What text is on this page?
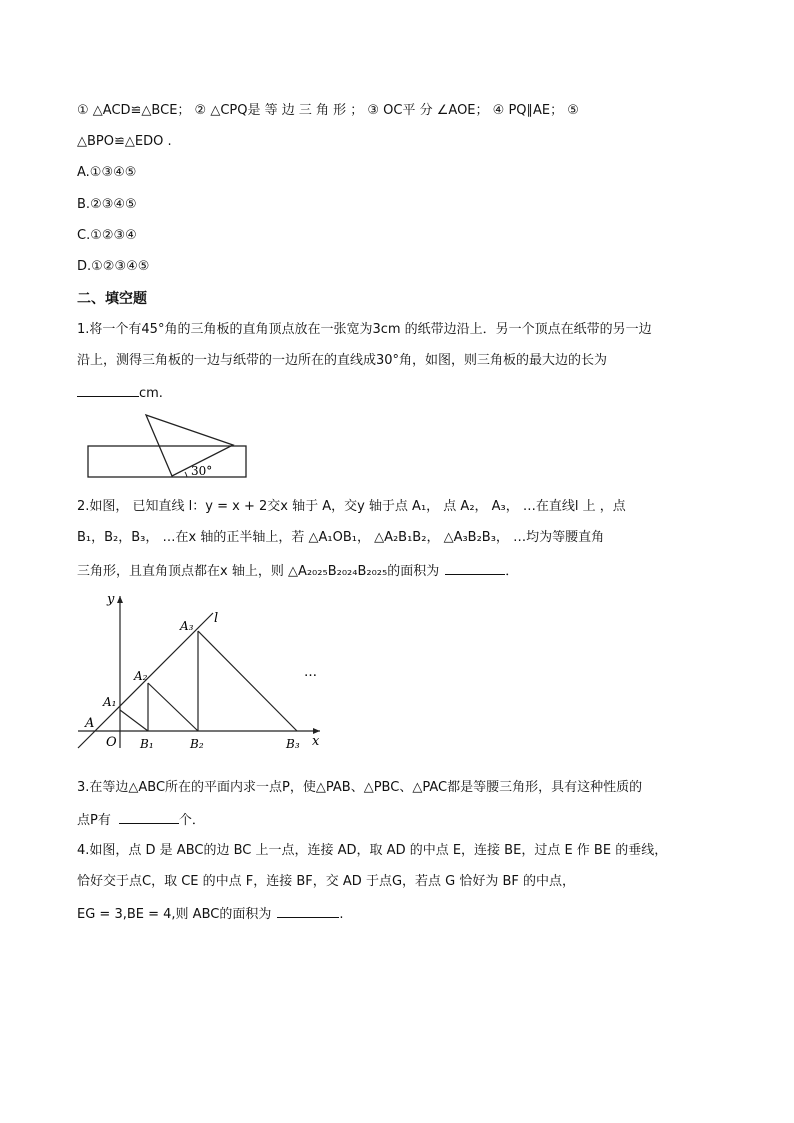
① △ACD≌△BCE； ② △CPQ是 等 边 三 角 形 ； ③ OC平 分 ∠AOE； ④ PQ∥AE； ⑤
△BPO≌△EDO .
A.①③④⑤
B.②③④⑤
C.①②③④
D.①②③④⑤
二、填空题
1.将一个有45°角的三角板的直角顶点放在一张宽为3cm 的纸带边沿上．另一个顶点在纸带的另一边
沿上，测得三角板的一边与纸带的一边所在的直线成30°角，如图，则三角板的最大边的长为
cm.
30°
2.如图， 已知直线 l：y = x + 2交x 轴于 A，交y 轴于点 A₁， 点 A₂， A₃， …在直线l 上 ，点
B₁，B₂，B₃， …在x 轴的正半轴上，若 △A₁OB₁， △A₂B₁B₂， △A₃B₂B₃， …均为等腰直角
三角形，且直角顶点都在x 轴上，则 △A₂₀₂₅B₂₀₂₄B₂₀₂₅的面积为	．
y
x
O
A
l
A₁
A₂
A₃
B₁	B₂	B₃
…
3.在等边△ABC所在的平面内求一点P，使△PAB、△PBC、△PAC都是等腰三角形，具有这种性质的
点P有	个．
4.如图，点 D 是 ABC的边 BC 上一点，连接 AD，取 AD 的中点 E，连接 BE，过点 E 作 BE 的垂线，
恰好交于点C，取 CE 的中点 F，连接 BF，交 AD 于点G，若点 G 恰好为 BF 的中点，
EG = 3,BE = 4,则 ABC的面积为	.
